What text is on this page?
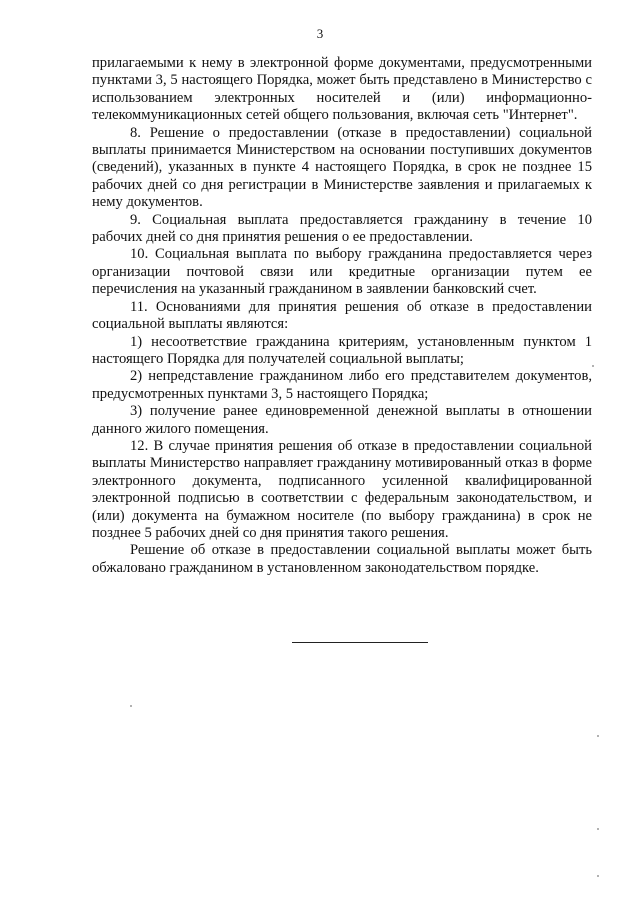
3

прилагаемыми к нему в электронной форме документами, предусмотренными пунктами 3, 5 настоящего Порядка, может быть представлено в Министерство с использованием электронных носителей и (или) информационно-телекоммуникационных сетей общего пользования, включая сеть "Интернет".

8. Решение о предоставлении (отказе в предоставлении) социальной выплаты принимается Министерством на основании поступивших документов (сведений), указанных в пункте 4 настоящего Порядка, в срок не позднее 15 рабочих дней со дня регистрации в Министерстве заявления и прилагаемых к нему документов.

9. Социальная выплата предоставляется гражданину в течение 10 рабочих дней со дня принятия решения о ее предоставлении.

10. Социальная выплата по выбору гражданина предоставляется через организации почтовой связи или кредитные организации путем ее перечисления на указанный гражданином в заявлении банковский счет.

11. Основаниями для принятия решения об отказе в предоставлении социальной выплаты являются:

1) несоответствие гражданина критериям, установленным пунктом 1 настоящего Порядка для получателей социальной выплаты;

2) непредставление гражданином либо его представителем документов, предусмотренных пунктами 3, 5 настоящего Порядка;

3) получение ранее единовременной денежной выплаты в отношении данного жилого помещения.

12. В случае принятия решения об отказе в предоставлении социальной выплаты Министерство направляет гражданину мотивированный отказ в форме электронного документа, подписанного усиленной квалифицированной электронной подписью в соответствии с федеральным законодательством, и (или) документа на бумажном носителе (по выбору гражданина) в срок не позднее 5 рабочих дней со дня принятия такого решения.

Решение об отказе в предоставлении социальной выплаты может быть обжаловано гражданином в установленном законодательством порядке.
